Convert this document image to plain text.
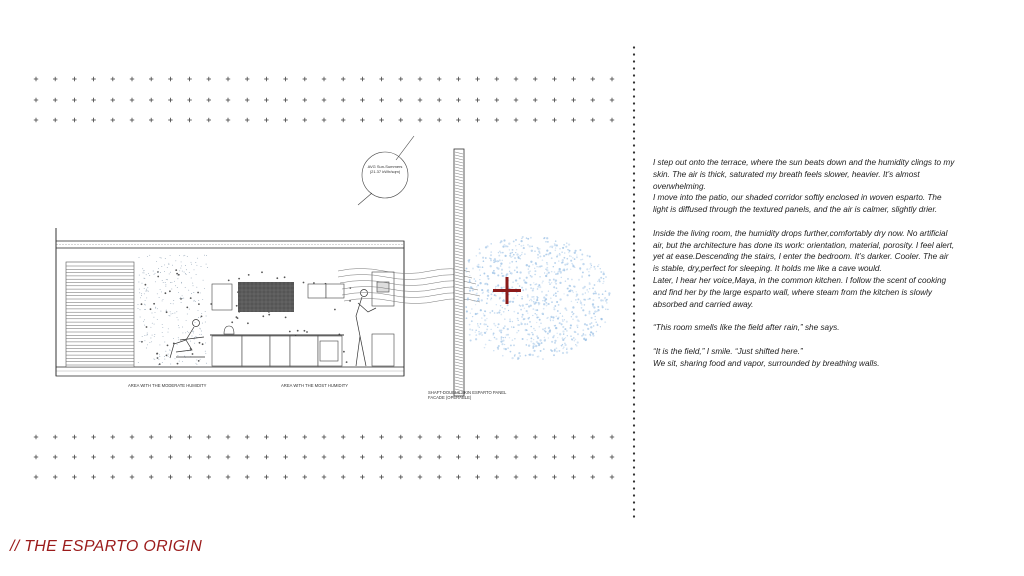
AVG Sun-Summers
(21.37 kWh/sqm)
AREA WITH THE MODERATE HUMIDITY	AREA WITH THE MOST HUMIDITY
SHAFT-DOUBLE SKIN ESPARTO PANEL
FACADE (OPERABLE)

I step out onto the terrace, where the sun beats down and the humidity clings to my skin. The air is thick, saturated my breath feels slower, heavier. It’s almost overwhelming.

I move into the patio, our shaded corridor softly enclosed in woven esparto. The light is diffused through the textured panels, and the air is calmer, slightly drier.

Inside the living room, the humidity drops further,comfortably dry now. No artificial air, but the architecture has done its work: orientation, material, porosity. I feel alert, yet at ease.Descending the stairs, I enter the bedroom. It’s darker. Cooler. The air is stable, dry,perfect for sleeping. It holds me like a cave would.

Later, I hear her voice,Maya, in the common kitchen. I follow the scent of cooking and find her by the large esparto wall, where steam from the kitchen is slowly absorbed and carried away.

“This room smells like the field after rain,” she says.

“It is the field,” I smile. “Just shifted here.”

We sit, sharing food and vapor, surrounded by breathing walls.

// THE ESPARTO ORIGIN
